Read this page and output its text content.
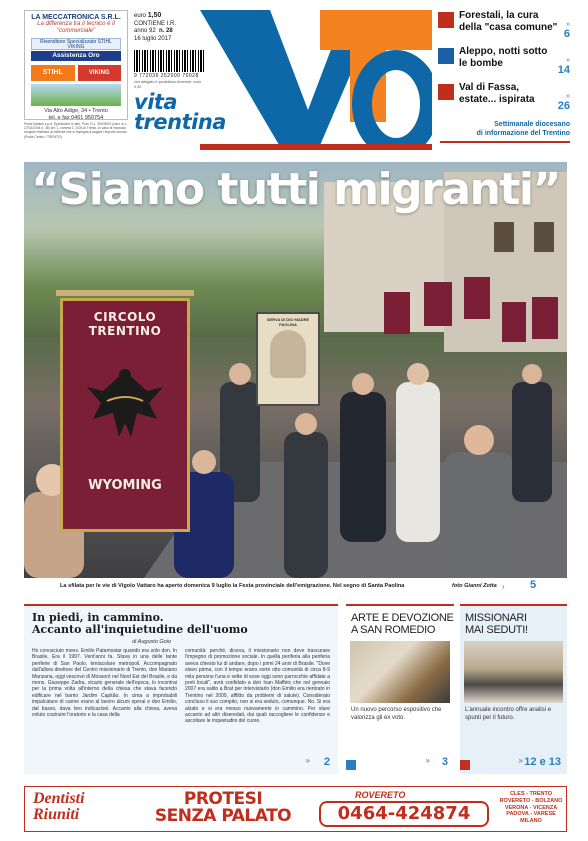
LA MECCATRONICA S.R.L.
La differenza tra il tecnico e il "commerciale"
Rivenditore Specializzato STIHL VIKING
Assistenza Oro
STIHL	VIKING
Via Alto Adige, 34 • Trento
tel. e fax 0461 950754
Poste Italiane s.p.a. Spedizione in abb. Post. D.L. 353/2003 (conv. in L. 27/02/2004 n. 46) art. 1, comma 1, DCB di Trento. In caso di mancato recapito restituire al mittente che si impegna a pagare l'importo dovuto. (Poste Centro / TRENTO)
euro 1,50
CONTIENE I.R.
anno 92 n. 28
16 luglio 2017
9 772036 252000 70028
con allegato il quotidiano Avvenire, euro 0,30
vita
trentina
Forestali, la cura della "casa comune"	»
6
Aleppo, notti sotto le bombe	»
14
Val di Fassa, estate... ispirata	»
26
Settimanale diocesano
di informazione del Trentino
“Siamo tutti migranti”
CIRCOLO TRENTINO
WYOMING
SERVA DI DIO MADRE PAOLINA
La sfilata per le vie di Vigolo Vattaro ha aperto domenica 9 luglio la Festa provinciale dell'emigrazione. Nel segno di Santa Paolina	foto Gianni Zotta › 5
In piedi, in cammino.
Accanto all'inquietudine dell'uomo
di Augusto Goio
Ho conosciuto mons. Emilio Patamostar quando era solo don. In Brasile. Era il 1997. Vent'anni fa. Stava in una delle tante periferie di San Paolo, tentacolare metropoli. Accompagnato dall'allora direttore del Centro missionario di Trento, don Mariano Manzana, oggi vescovo di Mossoró nel Nord Est del Brasile, e da mons. Giuseppe Zadra, vicario generale dell'epoca, lo incontrai per la prima volta all'interno della chiesa che stava facendo edificare nel barrio Jardim Capitão. In cima a improbabili impalcature di canne erano al lavoro alcuni operai e don Emilio, dal basso, dava loro indicazioni. Accanto alla chiesa, aveva voluto costruire l'oratorio e la casa della
comunità: perché, diceva, il missionario non deve trascurare l'impegno di promozione sociale. In quella periferia alla periferia aveva chiesto lui di andare, dopo i primi 24 anni di Brasile. "Dove stavo prima, con il tempo erano sorte otto comunità di circa 8-9 mila persone l'una e sette di esse oggi sono parrocchie affidate a preti locali", avrà confidato a don Ivan Maffeis che nel gennaio 2007 era salito a Brat per intervistarlo (don Emilio era rientrato in Trentino nel 2000, afflitto da problemi di salute). Considerato concluso il suo compito, non si era seduto, comunque. No. Si era alzato e si era messo nuovamente in cammino. Per stare accanto ad altri diseredati, dai quali raccogliere le confidenze e ascoltare le inquietudini del cuore.
» 2
ARTE E DEVOZIONE
A SAN ROMEDIO
Un nuovo percorso espositivo che valorizza gli ex voto.
» 3
MISSIONARI
MAI SEDUTI!
L'annuale incontro offre analisi e spunti per il futuro.
» 12 e 13
Dentisti
Riuniti
PROTESI
SENZA PALATO
ROVERETO
0464-424874
CLES - TRENTO
ROVERETO - BOLZANO
VERONA - VICENZA
PADOVA - VARESE
MILANO
